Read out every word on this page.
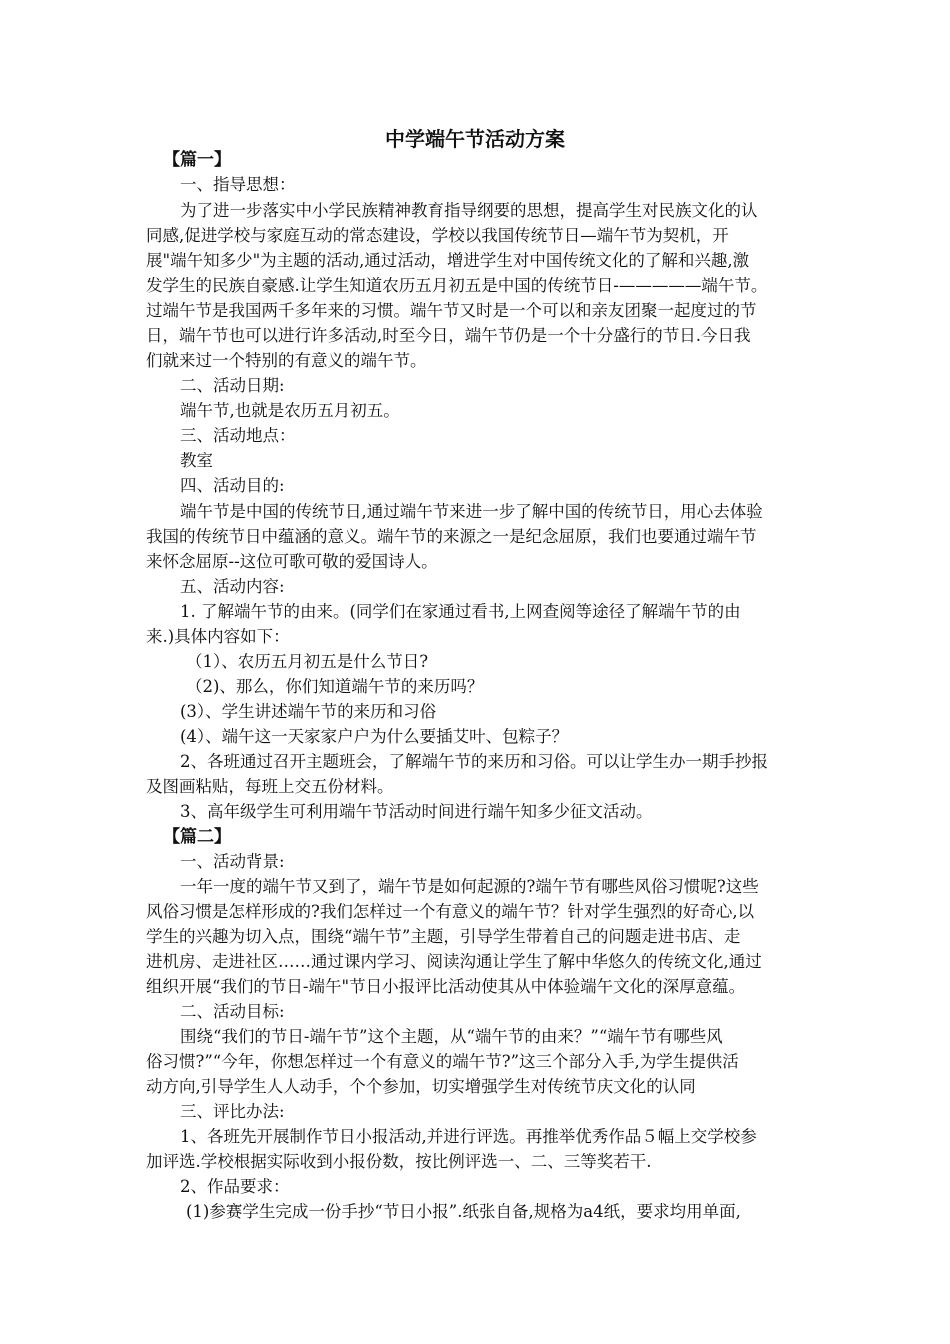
中学端午节活动方案
【篇一】
一、指导思想：
为了进一步落实中小学民族精神教育指导纲要的思想，提高学生对民族文化的认
同感,促进学校与家庭互动的常态建设，学校以我国传统节日—端午节为契机，开
展"端午知多少"为主题的活动,通过活动，增进学生对中国传统文化的了解和兴趣,激
发学生的民族自豪感.让学生知道农历五月初五是中国的传统节日-—————端午节。
过端午节是我国两千多年来的习惯。端午节又时是一个可以和亲友团聚一起度过的节
日，端午节也可以进行许多活动,时至今日，端午节仍是一个十分盛行的节日.今日我
们就来过一个特别的有意义的端午节。
二、活动日期:
端午节,也就是农历五月初五。
三、活动地点：
教室
四、活动目的:
端午节是中国的传统节日,通过端午节来进一步了解中国的传统节日，用心去体验
我国的传统节日中蕴涵的意义。端午节的来源之一是纪念屈原，我们也要通过端午节
来怀念屈原--这位可歌可敬的爱国诗人。
五、活动内容:
1. 了解端午节的由来。(同学们在家通过看书,上网查阅等途径了解端午节的由
来.)具体内容如下：
（1）、农历五月初五是什么节日?
（2)、那么，你们知道端午节的来历吗？
(3）、学生讲述端午节的来历和习俗
(4）、端午这一天家家户户为什么要插艾叶、包粽子？
2、各班通过召开主题班会，了解端午节的来历和习俗。可以让学生办一期手抄报
及图画粘贴，每班上交五份材料。
3、高年级学生可利用端午节活动时间进行端午知多少征文活动。
【篇二】
一、活动背景:
一年一度的端午节又到了，端午节是如何起源的?端午节有哪些风俗习惯呢?这些
风俗习惯是怎样形成的?我们怎样过一个有意义的端午节？针对学生强烈的好奇心,以
学生的兴趣为切入点，围绕“端午节”主题，引导学生带着自己的问题走进书店、走
进机房、走进社区……通过课内学习、阅读沟通让学生了解中华悠久的传统文化,通过
组织开展“我们的节日-端午"节日小报评比活动使其从中体验端午文化的深厚意蕴。
二、活动目标:
围绕“我们的节日-端午节”这个主题，从“端午节的由来？”“端午节有哪些风
俗习惯?”“今年，你想怎样过一个有意义的端午节?”这三个部分入手,为学生提供活
动方向,引导学生人人动手，个个参加，切实增强学生对传统节庆文化的认同
三、评比办法:
1、各班先开展制作节日小报活动,并进行评选。再推举优秀作品５幅上交学校参
加评选.学校根据实际收到小报份数，按比例评选一、二、三等奖若干.
2、作品要求：
(1)参赛学生完成一份手抄“节日小报”.纸张自备,规格为a4纸，要求均用单面,
